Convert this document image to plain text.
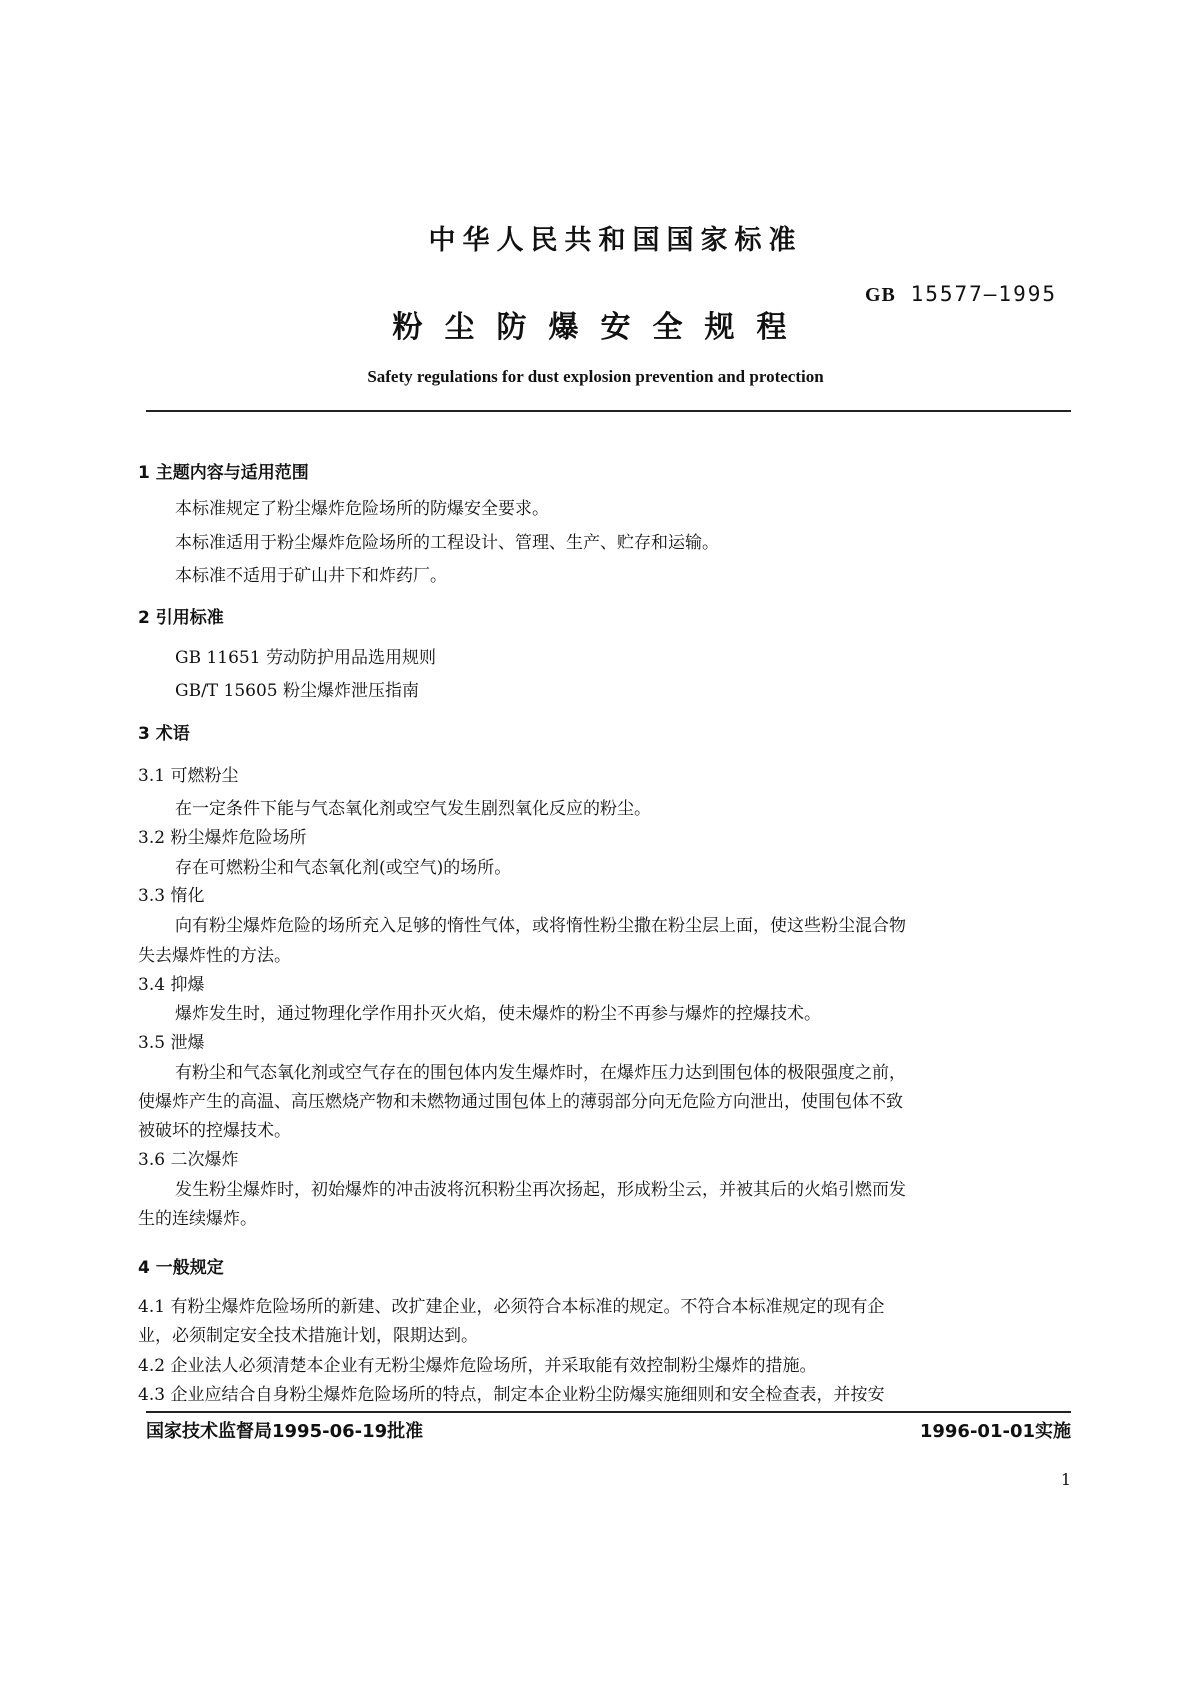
中华人民共和国国家标准
GB 15577—1995
粉尘防爆安全规程
Safety regulations for dust explosion prevention and protection
1 主题内容与适用范围
本标准规定了粉尘爆炸危险场所的防爆安全要求。
本标准适用于粉尘爆炸危险场所的工程设计、管理、生产、贮存和运输。
本标准不适用于矿山井下和炸药厂。
2 引用标准
GB 11651 劳动防护用品选用规则
GB/T 15605 粉尘爆炸泄压指南
3 术语
3.1 可燃粉尘
在一定条件下能与气态氧化剂或空气发生剧烈氧化反应的粉尘。
3.2 粉尘爆炸危险场所
存在可燃粉尘和气态氧化剂(或空气)的场所。
3.3 惰化
向有粉尘爆炸危险的场所充入足够的惰性气体，或将惰性粉尘撒在粉尘层上面，使这些粉尘混合物
失去爆炸性的方法。
3.4 抑爆
爆炸发生时，通过物理化学作用扑灭火焰，使未爆炸的粉尘不再参与爆炸的控爆技术。
3.5 泄爆
有粉尘和气态氧化剂或空气存在的围包体内发生爆炸时，在爆炸压力达到围包体的极限强度之前，
使爆炸产生的高温、高压燃烧产物和未燃物通过围包体上的薄弱部分向无危险方向泄出，使围包体不致
被破坏的控爆技术。
3.6 二次爆炸
发生粉尘爆炸时，初始爆炸的冲击波将沉积粉尘再次扬起，形成粉尘云，并被其后的火焰引燃而发
生的连续爆炸。
4 一般规定
4.1 有粉尘爆炸危险场所的新建、改扩建企业，必须符合本标准的规定。不符合本标准规定的现有企
业，必须制定安全技术措施计划，限期达到。
4.2 企业法人必须清楚本企业有无粉尘爆炸危险场所，并采取能有效控制粉尘爆炸的措施。
4.3 企业应结合自身粉尘爆炸危险场所的特点，制定本企业粉尘防爆实施细则和安全检查表，并按安
国家技术监督局1995-06-19批准	1996-01-01实施
1
